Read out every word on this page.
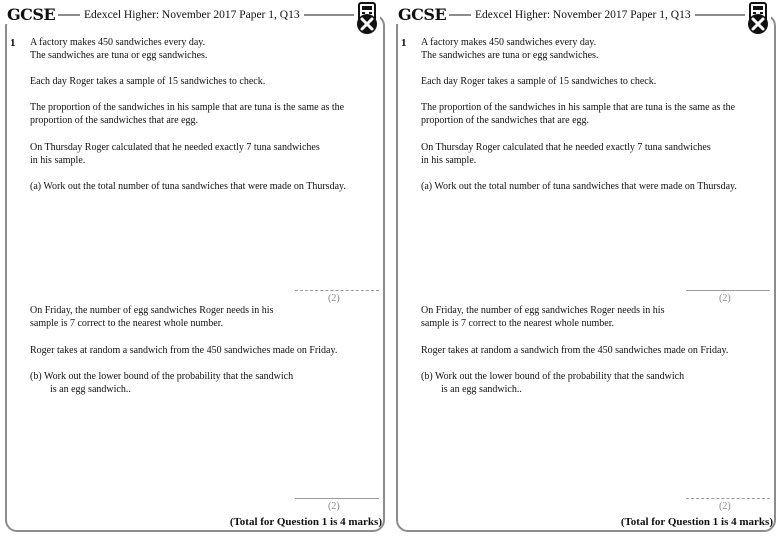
GCSE	Edexcel Higher: November 2017 Paper 1, Q13
1 A factory makes 450 sandwiches every day.
The sandwiches are tuna or egg sandwiches.
Each day Roger takes a sample of 15 sandwiches to check.
The proportion of the sandwiches in his sample that are tuna is the same as the
proportion of the sandwiches that are egg.
On Thursday Roger calculated that he needed exactly 7 tuna sandwiches
in his sample.
(a) Work out the total number of tuna sandwiches that were made on Thursday.
(2)
On Friday, the number of egg sandwiches Roger needs in his
sample is 7 correct to the nearest whole number.
Roger takes at random a sandwich from the 450 sandwiches made on Friday.
(b) Work out the lower bound of the probability that the sandwich
is an egg sandwich..
(2)
(Total for Question 1 is 4 marks)
GCSE	Edexcel Higher: November 2017 Paper 1, Q13
1 A factory makes 450 sandwiches every day.
The sandwiches are tuna or egg sandwiches.
Each day Roger takes a sample of 15 sandwiches to check.
The proportion of the sandwiches in his sample that are tuna is the same as the
proportion of the sandwiches that are egg.
On Thursday Roger calculated that he needed exactly 7 tuna sandwiches
in his sample.
(a) Work out the total number of tuna sandwiches that were made on Thursday.
(2)
On Friday, the number of egg sandwiches Roger needs in his
sample is 7 correct to the nearest whole number.
Roger takes at random a sandwich from the 450 sandwiches made on Friday.
(b) Work out the lower bound of the probability that the sandwich
is an egg sandwich..
(2)
(Total for Question 1 is 4 marks)
